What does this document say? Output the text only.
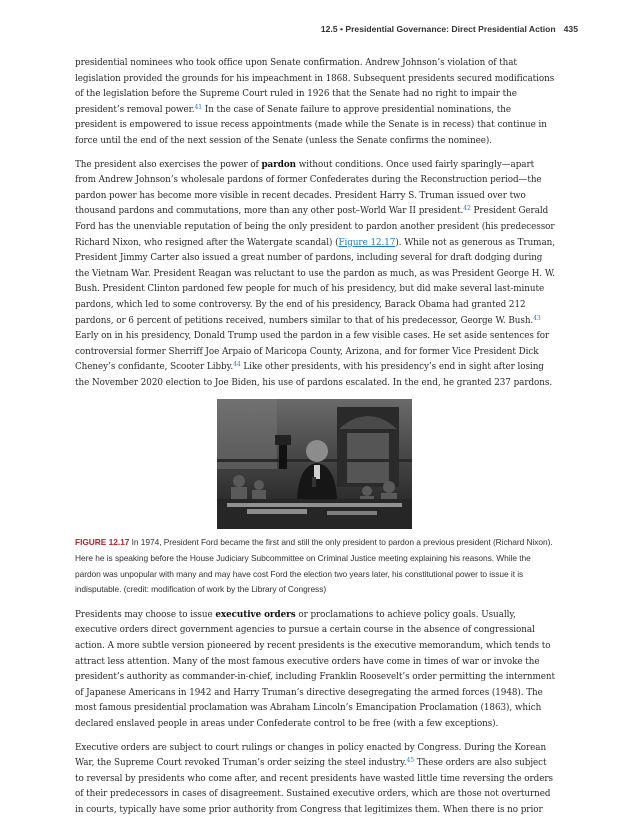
12.5 • Presidential Governance: Direct Presidential Action 435

presidential nominees who took office upon Senate confirmation. Andrew Johnson’s violation of that legislation provided the grounds for his impeachment in 1868. Subsequent presidents secured modifications of the legislation before the Supreme Court ruled in 1926 that the Senate had no right to impair the president’s removal power.$^{41}$ In the case of Senate failure to approve presidential nominations, the president is empowered to issue recess appointments (made while the Senate is in recess) that continue in force until the end of the next session of the Senate (unless the Senate confirms the nominee).

The president also exercises the power of pardon without conditions. Once used fairly sparingly—apart from Andrew Johnson’s wholesale pardons of former Confederates during the Reconstruction period—the pardon power has become more visible in recent decades. President Harry S. Truman issued over two thousand pardons and commutations, more than any other post–World War II president.$^{42}$ President Gerald Ford has the unenviable reputation of being the only president to pardon another president (his predecessor Richard Nixon, who resigned after the Watergate scandal) (Figure 12.17). While not as generous as Truman, President Jimmy Carter also issued a great number of pardons, including several for draft dodging during the Vietnam War. President Reagan was reluctant to use the pardon as much, as was President George H. W. Bush. President Clinton pardoned few people for much of his presidency, but did make several last-minute pardons, which led to some controversy. By the end of his presidency, Barack Obama had granted 212 pardons, or 6 percent of petitions received, numbers similar to that of his predecessor, George W. Bush.$^{43}$ Early on in his presidency, Donald Trump used the pardon in a few visible cases. He set aside sentences for controversial former Sherriff Joe Arpaio of Maricopa County, Arizona, and for former Vice President Dick Cheney’s confidante, Scooter Libby.$^{44}$ Like other presidents, with his presidency’s end in sight after losing the November 2020 election to Joe Biden, his use of pardons escalated. In the end, he granted 237 pardons.

FIGURE 12.17 In 1974, President Ford became the first and still the only president to pardon a previous president (Richard Nixon). Here he is speaking before the House Judiciary Subcommittee on Criminal Justice meeting explaining his reasons. While the pardon was unpopular with many and may have cost Ford the election two years later, his constitutional power to issue it is indisputable. (credit: modification of work by the Library of Congress)

Presidents may choose to issue executive orders or proclamations to achieve policy goals. Usually, executive orders direct government agencies to pursue a certain course in the absence of congressional action. A more subtle version pioneered by recent presidents is the executive memorandum, which tends to attract less attention. Many of the most famous executive orders have come in times of war or invoke the president’s authority as commander-in-chief, including Franklin Roosevelt’s order permitting the internment of Japanese Americans in 1942 and Harry Truman’s directive desegregating the armed forces (1948). The most famous presidential proclamation was Abraham Lincoln’s Emancipation Proclamation (1863), which declared enslaved people in areas under Confederate control to be free (with a few exceptions).

Executive orders are subject to court rulings or changes in policy enacted by Congress. During the Korean War, the Supreme Court revoked Truman’s order seizing the steel industry.$^{45}$ These orders are also subject to reversal by presidents who come after, and recent presidents have wasted little time reversing the orders of their predecessors in cases of disagreement. Sustained executive orders, which are those not overturned in courts, typically have some prior authority from Congress that legitimizes them. When there is no prior
